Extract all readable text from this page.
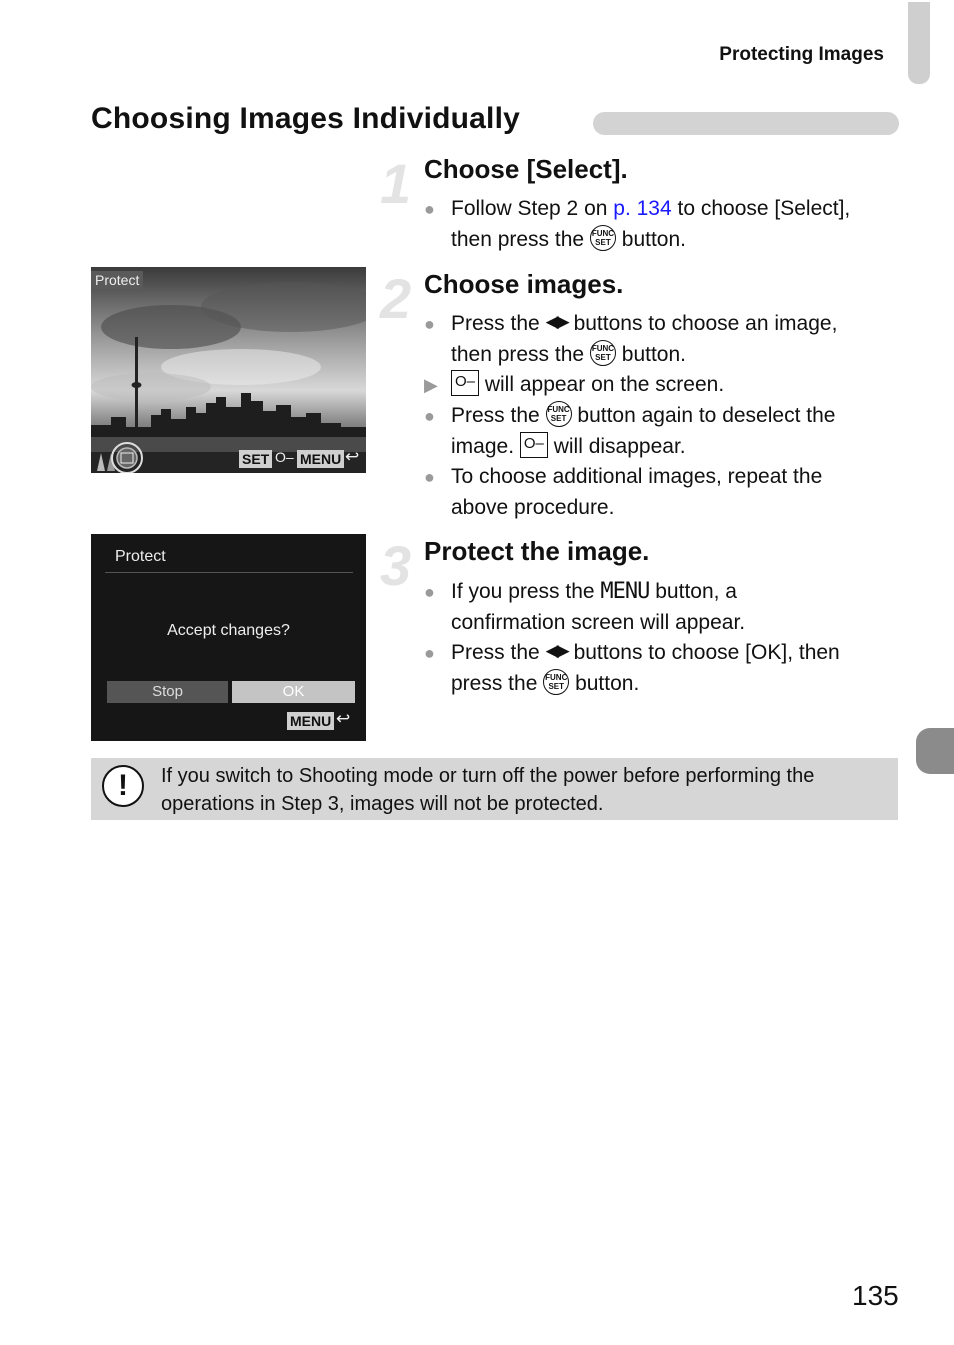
Protecting Images
Choosing Images Individually
1 Choose [Select].
● Follow Step 2 on p. 134 to choose [Select],
then press the FUNC
SET button.
Protect
SET O‒ MENU ↩
2 Choose images.
● Press the ◀▶ buttons to choose an image,
then press the FUNC
SET button.
▶	O‒ will appear on the screen.
● Press the FUNC
SET button again to deselect the
image. O‒ will disappear.
● To choose additional images, repeat the
above procedure.
Protect
Accept changes?
Stop	OK
MENU ↩
3 Protect the image.
● If you press the MENU button, a
confirmation screen will appear.
● Press the ◀▶ buttons to choose [OK], then
press the FUNC
SET button.
!	If you switch to Shooting mode or turn off the power before performing the operations in Step 3, images will not be protected.
135
